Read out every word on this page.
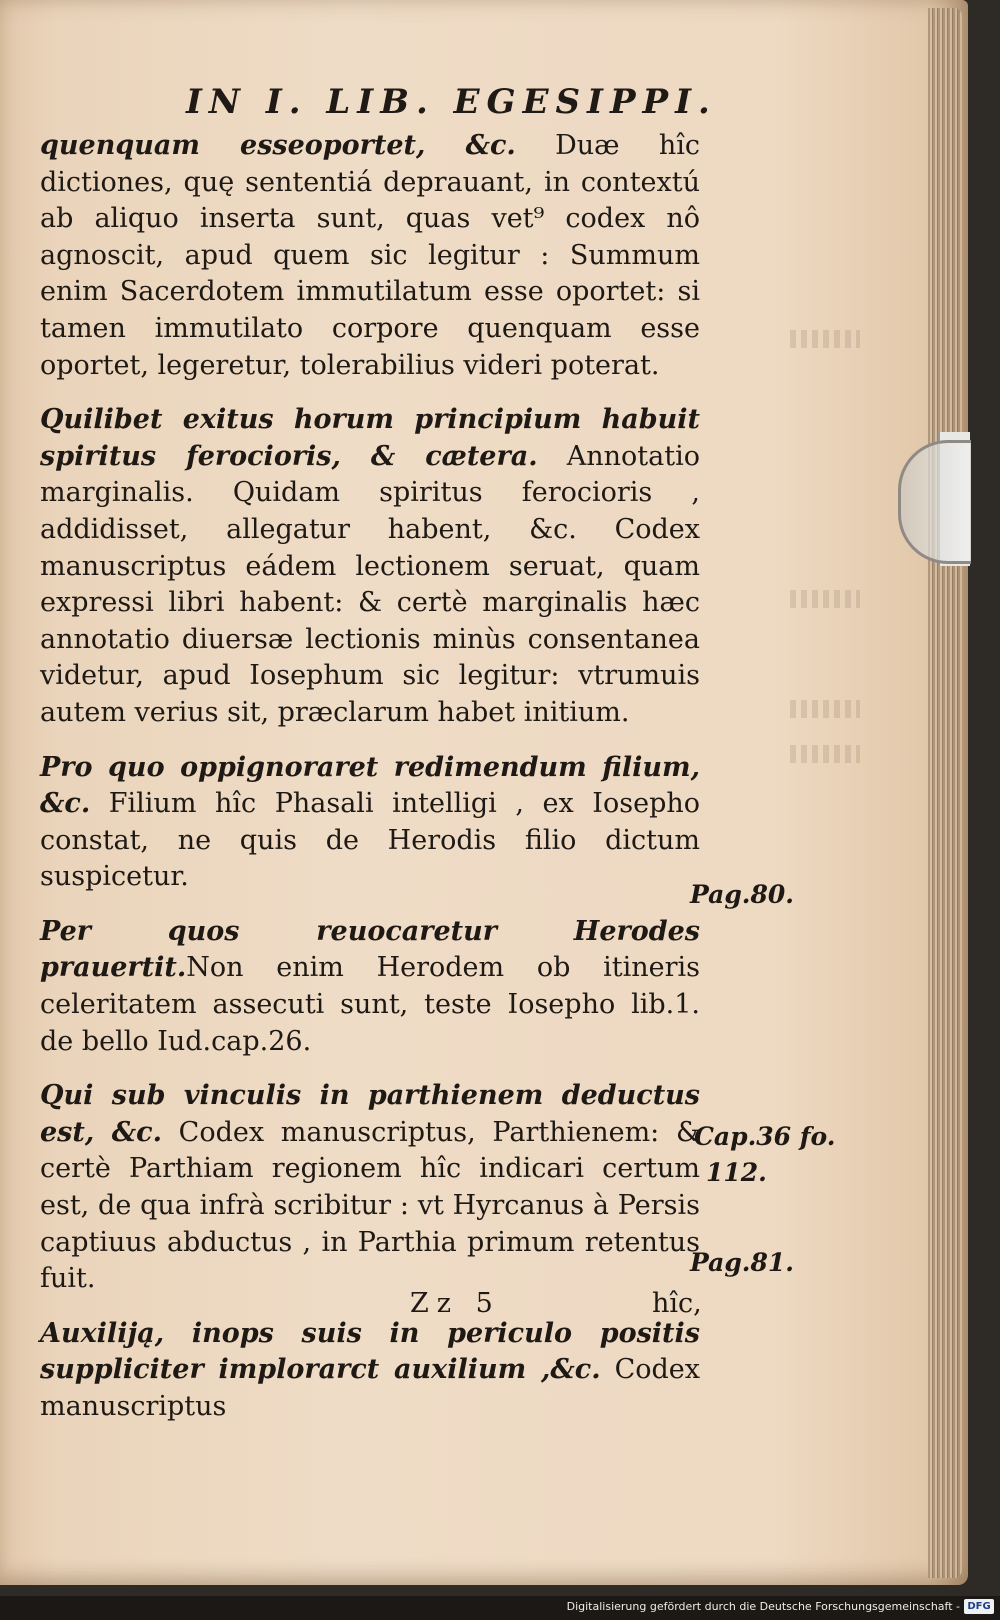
IN I. LIB. EGESIPPI.

quenquam esseoportet, &c. Duæ hîc dictiones, quę sententiá deprauant, in contextú ab aliquo inserta sunt, quas vet⁹ codex nô agnoscit, apud quem sic legitur : Summum enim Sacerdotem immutilatum esse oportet: si tamen immutilato corpore quenquam esse oportet, legeretur, tolerabilius videri poterat.

Quilibet exitus horum principium habuit spiritus ferocioris, & cætera. Annotatio marginalis. Quidam spiritus ferocioris , addidisset, allegatur habent, &c. Codex manuscriptus eádem lectionem seruat, quam expressi libri habent: & certè marginalis hæc annotatio diuersæ lectionis minùs consentanea videtur, apud Iosephum sic legitur: vtrumuis autem verius sit, præclarum habet initium.

Pro quo oppignoraret redimendum filium, &c. Filium hîc Phasali intelligi , ex Iosepho constat, ne quis de Herodis filio dictum suspicetur.

Per quos reuocaretur Herodes prauertit.Non enim Herodem ob itineris celeritatem assecuti sunt, teste Iosepho lib.1. de bello Iud.cap.26.

Qui sub vinculis in parthienem deductus est, &c. Codex manuscriptus, Parthienem: & certè Parthiam regionem hîc indicari certum est, de qua infrà scribitur : vt Hyrcanus à Persis captiuus abductus , in Parthia primum retentus fuit.

Auxiliją, inops suis in periculo positis suppliciter implorarct auxilium ,&c. Codex manuscriptus

Pag.80.
Cap.36 fo.
112.
Pag.81.
Zz 5	hîc,
Digitalisierung gefördert durch die Deutsche Forschungsgemeinschaft - DFG
